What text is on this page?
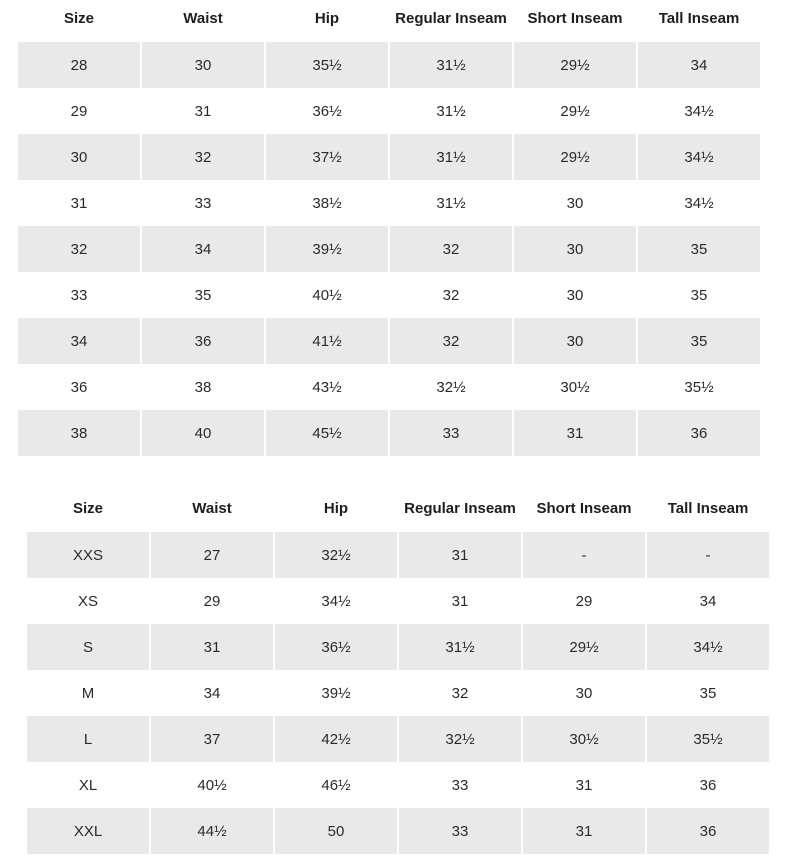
Size	Waist	Hip	Regular Inseam	Short Inseam	Tall Inseam
28	30	35½	31½	29½	34
29	31	36½	31½	29½	34½
30	32	37½	31½	29½	34½
31	33	38½	31½	30	34½
32	34	39½	32	30	35
33	35	40½	32	30	35
34	36	41½	32	30	35
36	38	43½	32½	30½	35½
38	40	45½	33	31	36
Size	Waist	Hip	Regular Inseam	Short Inseam	Tall Inseam
XXS	27	32½	31	-	-
XS	29	34½	31	29	34
S	31	36½	31½	29½	34½
M	34	39½	32	30	35
L	37	42½	32½	30½	35½
XL	40½	46½	33	31	36
XXL	44½	50	33	31	36
